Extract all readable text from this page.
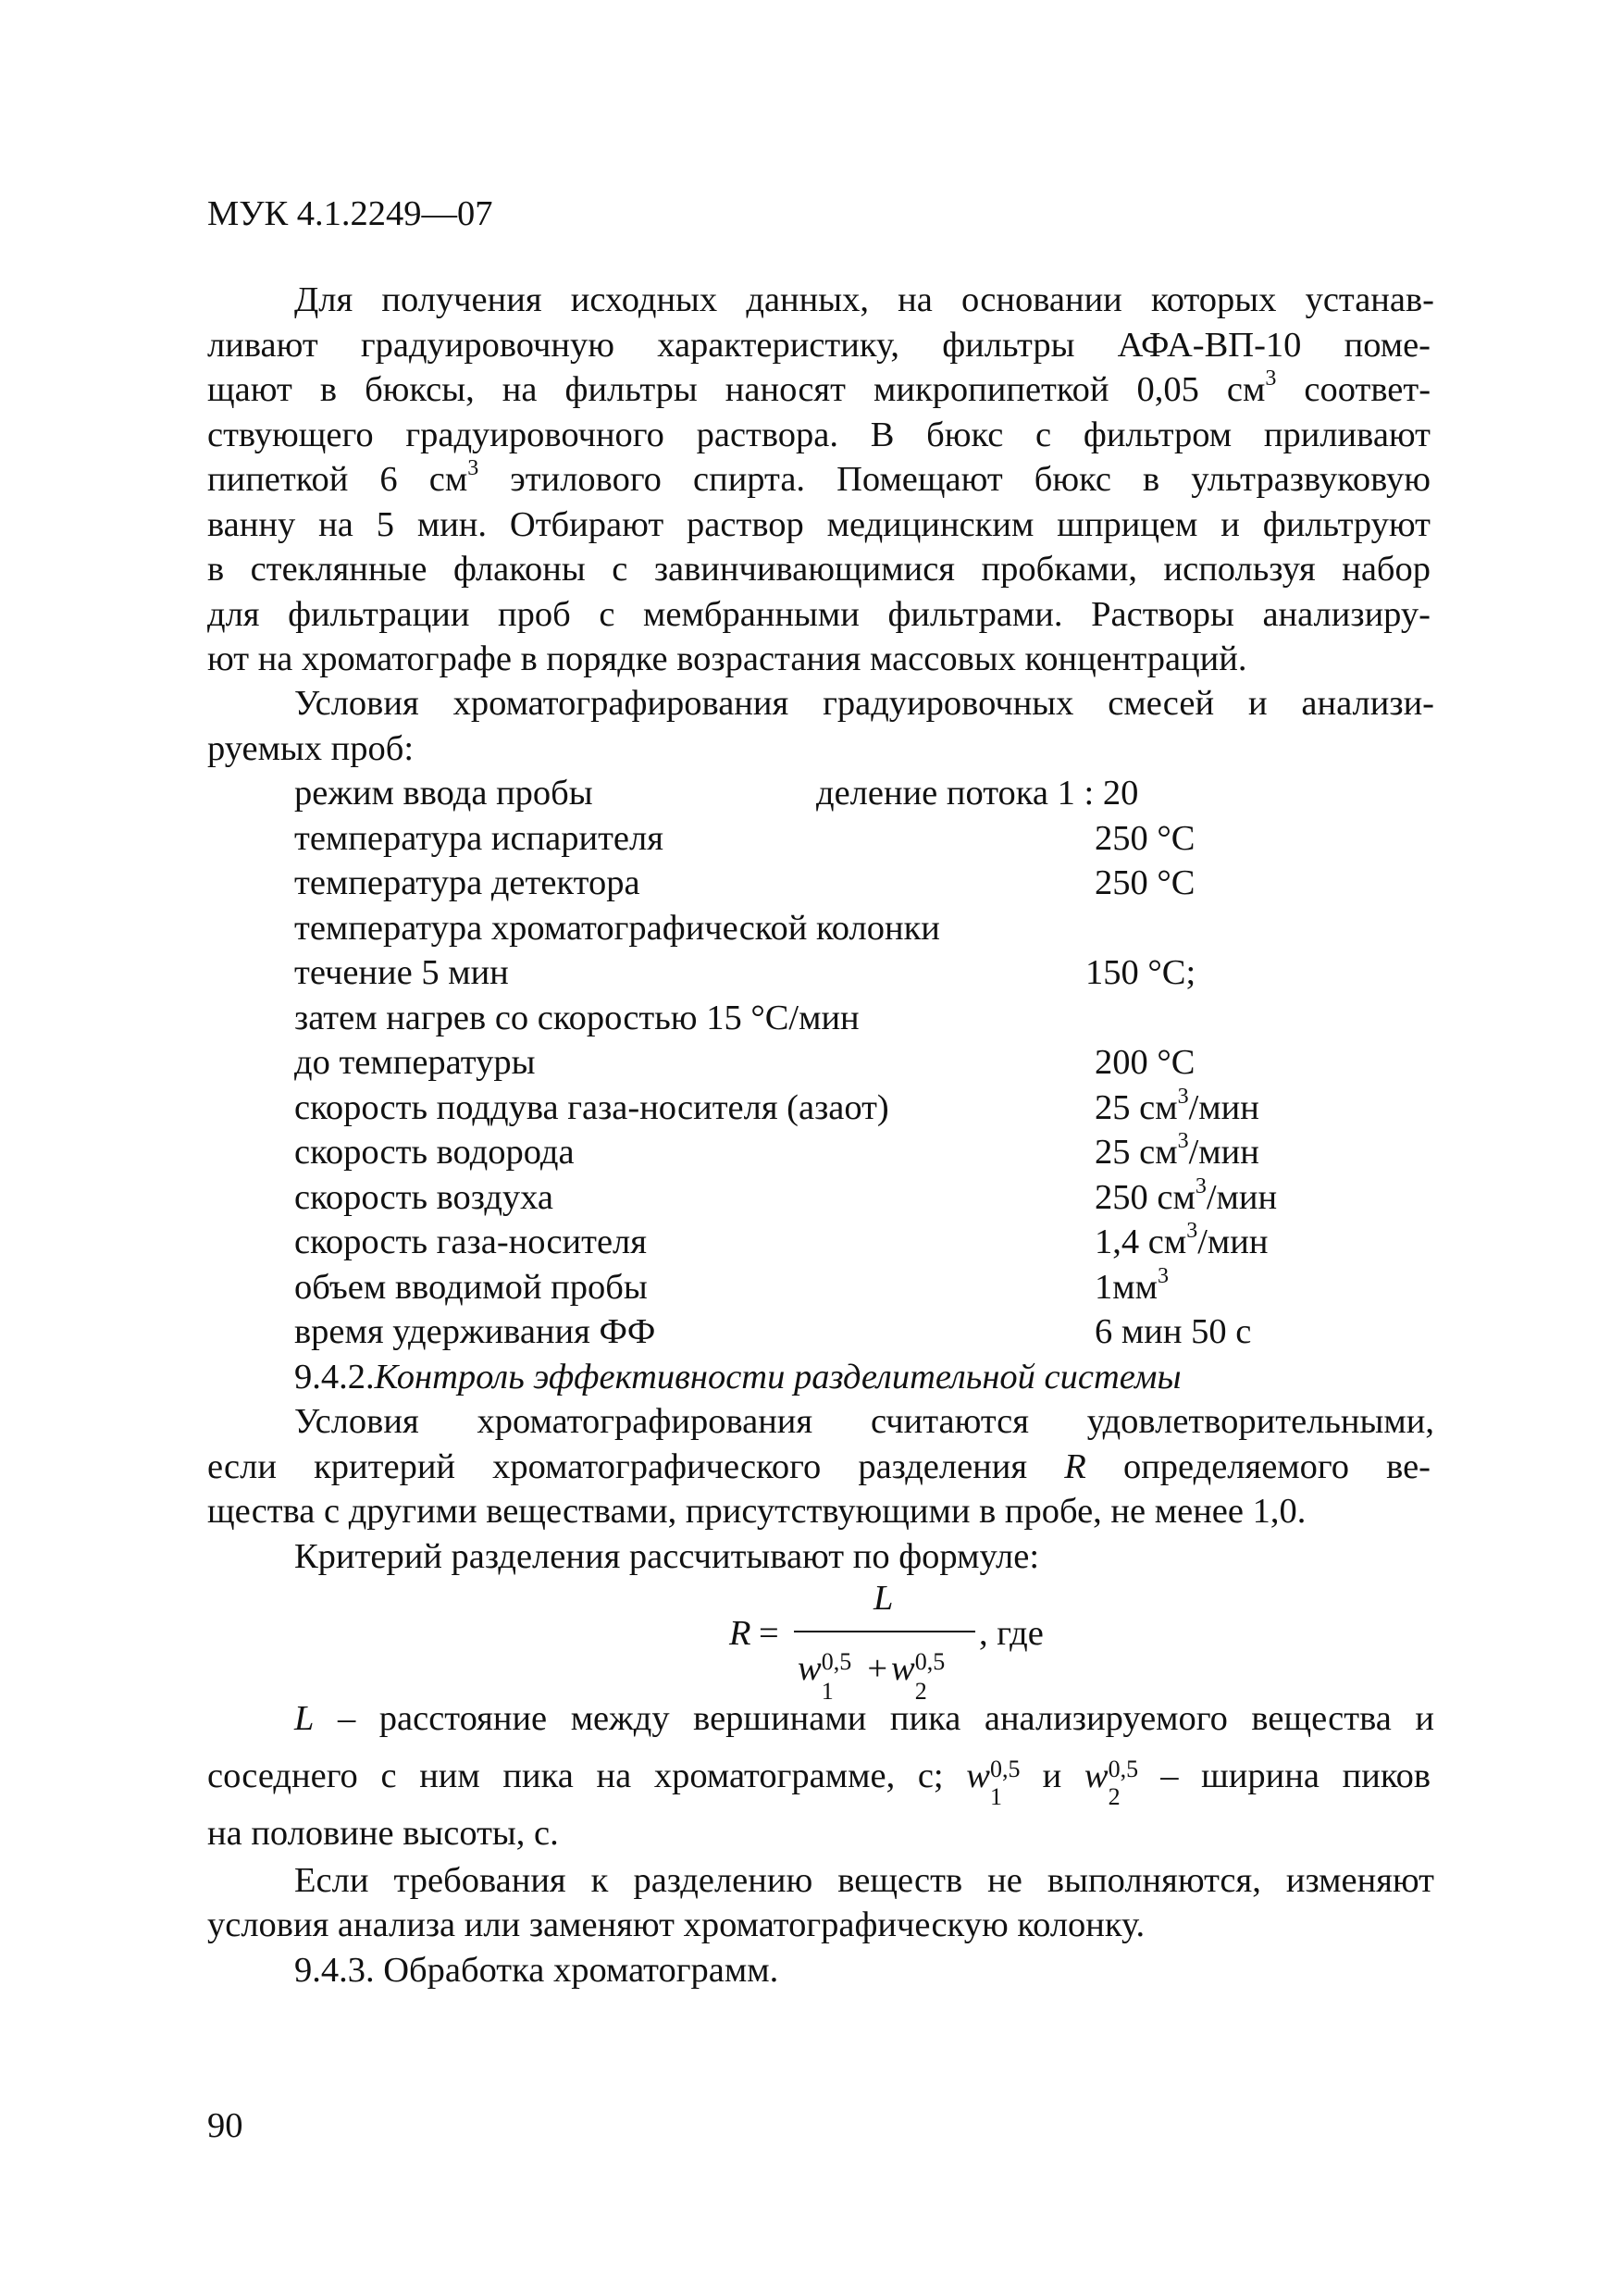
МУК 4.1.2249—07
Для получения исходных данных, на основании которых устанав-
ливают градуировочную характеристику, фильтры АФА-ВП-10 поме-
щают в бюксы, на фильтры наносят микропипеткой 0,05 $см^3$ соответ-
ствующего градуировочного раствора. В бюкс с фильтром приливают
пипеткой 6 $см^3$ этилового спирта. Помещают бюкс в ультразвуковую
ванну на 5 мин. Отбирают раствор медицинским шприцем и фильтруют
в стеклянные флаконы с завинчивающимися пробками, используя набор
для фильтрации проб с мембранными фильтрами. Растворы анализиру-
ют на хроматографе в порядке возрастания массовых концентраций.
Условия хроматографирования градуировочных смесей и анализи-
руемых проб:
режим ввода пробы	деление потока 1 : 20
температура испарителя	250 °С
температура детектора	250 °С
температура хроматографической колонки
течение 5 мин	150 °С;
затем нагрев со скоростью 15 °С/мин
до температуры	200 °С
скорость поддува газа-носителя (азаот)	25 $см^3$/мин
скорость водорода	25 $см^3$/мин
скорость воздуха	250 $см^3$/мин
скорость газа-носителя	1,4 $см^3$/мин
объем вводимой пробы	$1мм^3$
время удерживания ФФ	6 мин 50 с
9.4.2.Контроль эффективности разделительной системы
Условия хроматографирования считаются удовлетворительными,
если критерий хроматографического разделения R определяемого ве-
щества с другими веществами, присутствующими в пробе, не менее 1,0.
Критерий разделения рассчитывают по формуле:
R =
L
w 0,5
1
+ w 0,5
2
, где
L – расстояние между вершинами пика анализируемого вещества и
соседнего с ним пика на хроматограмме, с; w 0,5
1
и w 0,5
2
– ширина пиков
на половине высоты, с.
Если требования к разделению веществ не выполняются, изменяют
условия анализа или заменяют хроматографическую колонку.
9.4.3. Обработка хроматограмм.
90
